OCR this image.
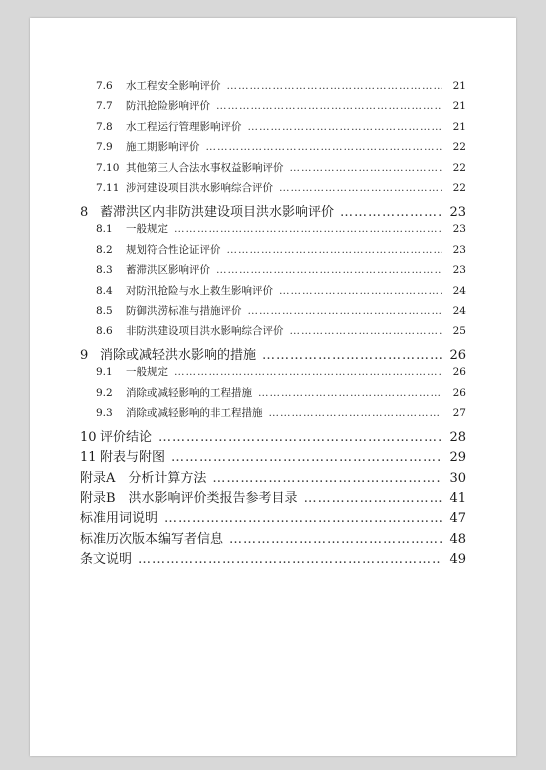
7.6	水工程安全影响评价 …………………………………………………………………………………………………………………………………	21
7.7	防汛抢险影响评价 …………………………………………………………………………………………………………………………………	21
7.8	水工程运行管理影响评价 …………………………………………………………………………………………………………………………………	21
7.9	施工期影响评价 …………………………………………………………………………………………………………………………………	22
7.10 其他第三人合法水事权益影响评价 …………………………………………………………………………………………………………………………………	22
7.11 涉河建设项目洪水影响综合评价 …………………………………………………………………………………………………………………………………	22
8 蓄滞洪区内非防洪建设项目洪水影响评价 …………………………………………………………………………………………………………………………………	23
8.1	一般规定 …………………………………………………………………………………………………………………………………	23
8.2	规划符合性论证评价 …………………………………………………………………………………………………………………………………	23
8.3	蓄滞洪区影响评价 …………………………………………………………………………………………………………………………………	23
8.4	对防汛抢险与水上救生影响评价 …………………………………………………………………………………………………………………………………	24
8.5	防御洪涝标准与措施评价 …………………………………………………………………………………………………………………………………	24
8.6	非防洪建设项目洪水影响综合评价 …………………………………………………………………………………………………………………………………	25
9 消除或减轻洪水影响的措施 …………………………………………………………………………………………………………………………………	26
9.1	一般规定 …………………………………………………………………………………………………………………………………	26
9.2	消除或减轻影响的工程措施 …………………………………………………………………………………………………………………………………	26
9.3	消除或减轻影响的非工程措施 …………………………………………………………………………………………………………………………………	27
10 评价结论 …………………………………………………………………………………………………………………………………	28
11 附表与附图 …………………………………………………………………………………………………………………………………	29
附录A　分析计算方法 …………………………………………………………………………………………………………………………………	30
附录B　洪水影响评价类报告参考目录 …………………………………………………………………………………………………………………………………	41
标准用词说明 …………………………………………………………………………………………………………………………………	47
标准历次版本编写者信息 …………………………………………………………………………………………………………………………………	48
条文说明 …………………………………………………………………………………………………………………………………	49
